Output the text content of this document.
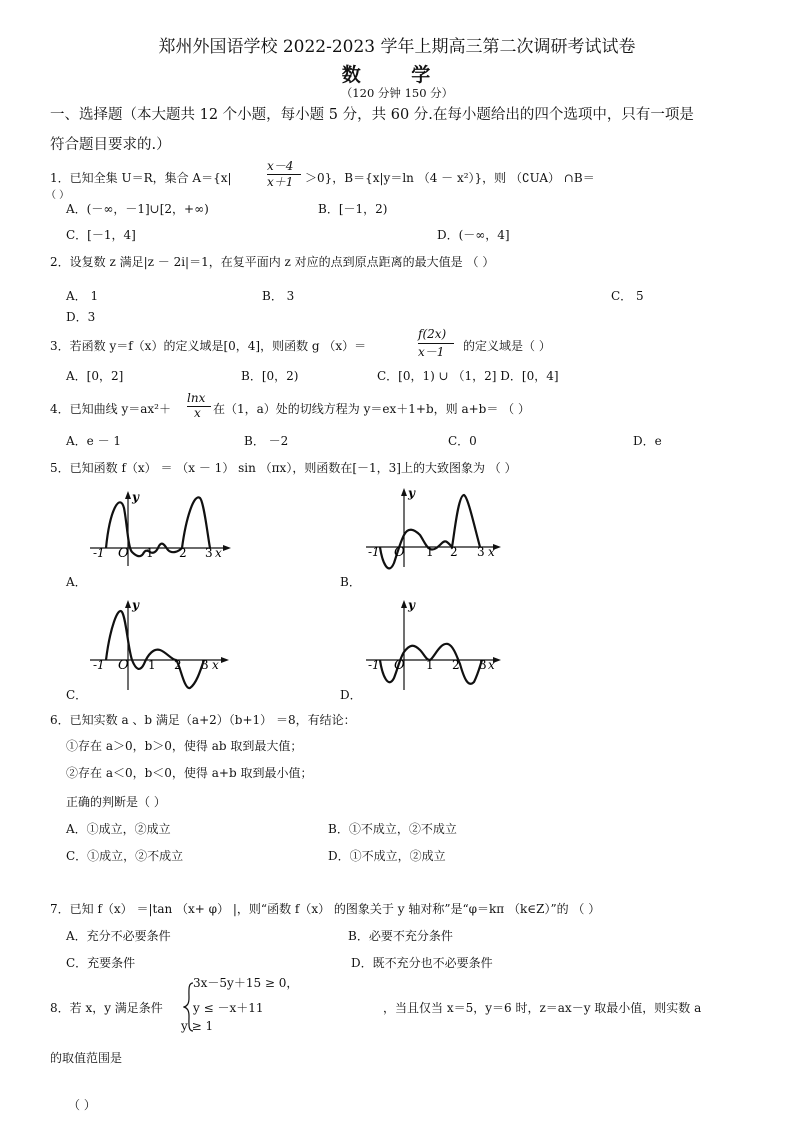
郑州外国语学校 2022-2023 学年上期高三第二次调研考试试卷
数 学
（120 分钟 150 分）
一、选择题（本大题共 12 个小题，每小题 5 分，共 60 分.在每小题给出的四个选项中，只有一项是
符合题目要求的.）
1．已知全集 U＝R，集合 A＝{x|
x－4
x＋1 ＞0}，B＝{x|y＝ln （4 － x²）}，则 （∁UA） ∩B＝
（ ）
A．(－∞，－1]∪[2，+∞)	B．[－1，2)
C．[－1，4]	D．(－∞，4]
2．设复数 z 满足|z － 2i|＝1，在复平面内 z 对应的点到原点距离的最大值是 （ ）
A． 1	B． 3	C． 5
D．3
3．若函数 y＝f（x）的定义域是[0，4]，则函数 g （x）＝
f(2x)
x－1 的定义域是（ ）
A．[0，2]	B．[0，2)	C．[0，1) ∪ （1，2] D．[0，4]
4．已知曲线 y＝ax²＋
lnx
x 在（1，a）处的切线方程为 y＝ex＋1+b，则 a+b＝ （ ）
A．e － 1	B． －2	C．0	D．e
5．已知函数 f（x） ＝ （x － 1） sin （πx），则函数在[－1，3]上的大致图象为 （ ）
-1 O 1 2 3 x
y
A．
-1 O 1 2 3 x
y
B．
-1 O 1 2 3 x
y
C．
-1 O 1 2 3 x
y
D．
6．已知实数 a 、b 满足（a+2）（b+1） ＝8，有结论：
①存在 a＞0，b＞0，使得 ab 取到最大值；
②存在 a＜0，b＜0，使得 a+b 取到最小值；
正确的判断是（ ）
A．①成立，②成立	B．①不成立，②不成立
C．①成立，②不成立	D．①不成立，②成立
7．已知 f（x） ＝|tan （x+ φ） |，则“函数 f（x） 的图象关于 y 轴对称”是“φ＝kπ （k∈Z）”的 （ ）
A．充分不必要条件	B．必要不充分条件
C．充要条件	D．既不充分也不必要条件
3x－5y＋15 ≥ 0，
8．若 x，y 满足条件	y ≤ －x＋11
y ≥ 1
，当且仅当 x＝5，y＝6 时，z＝ax－y 取最小值，则实数 a
的取值范围是
（ ）
